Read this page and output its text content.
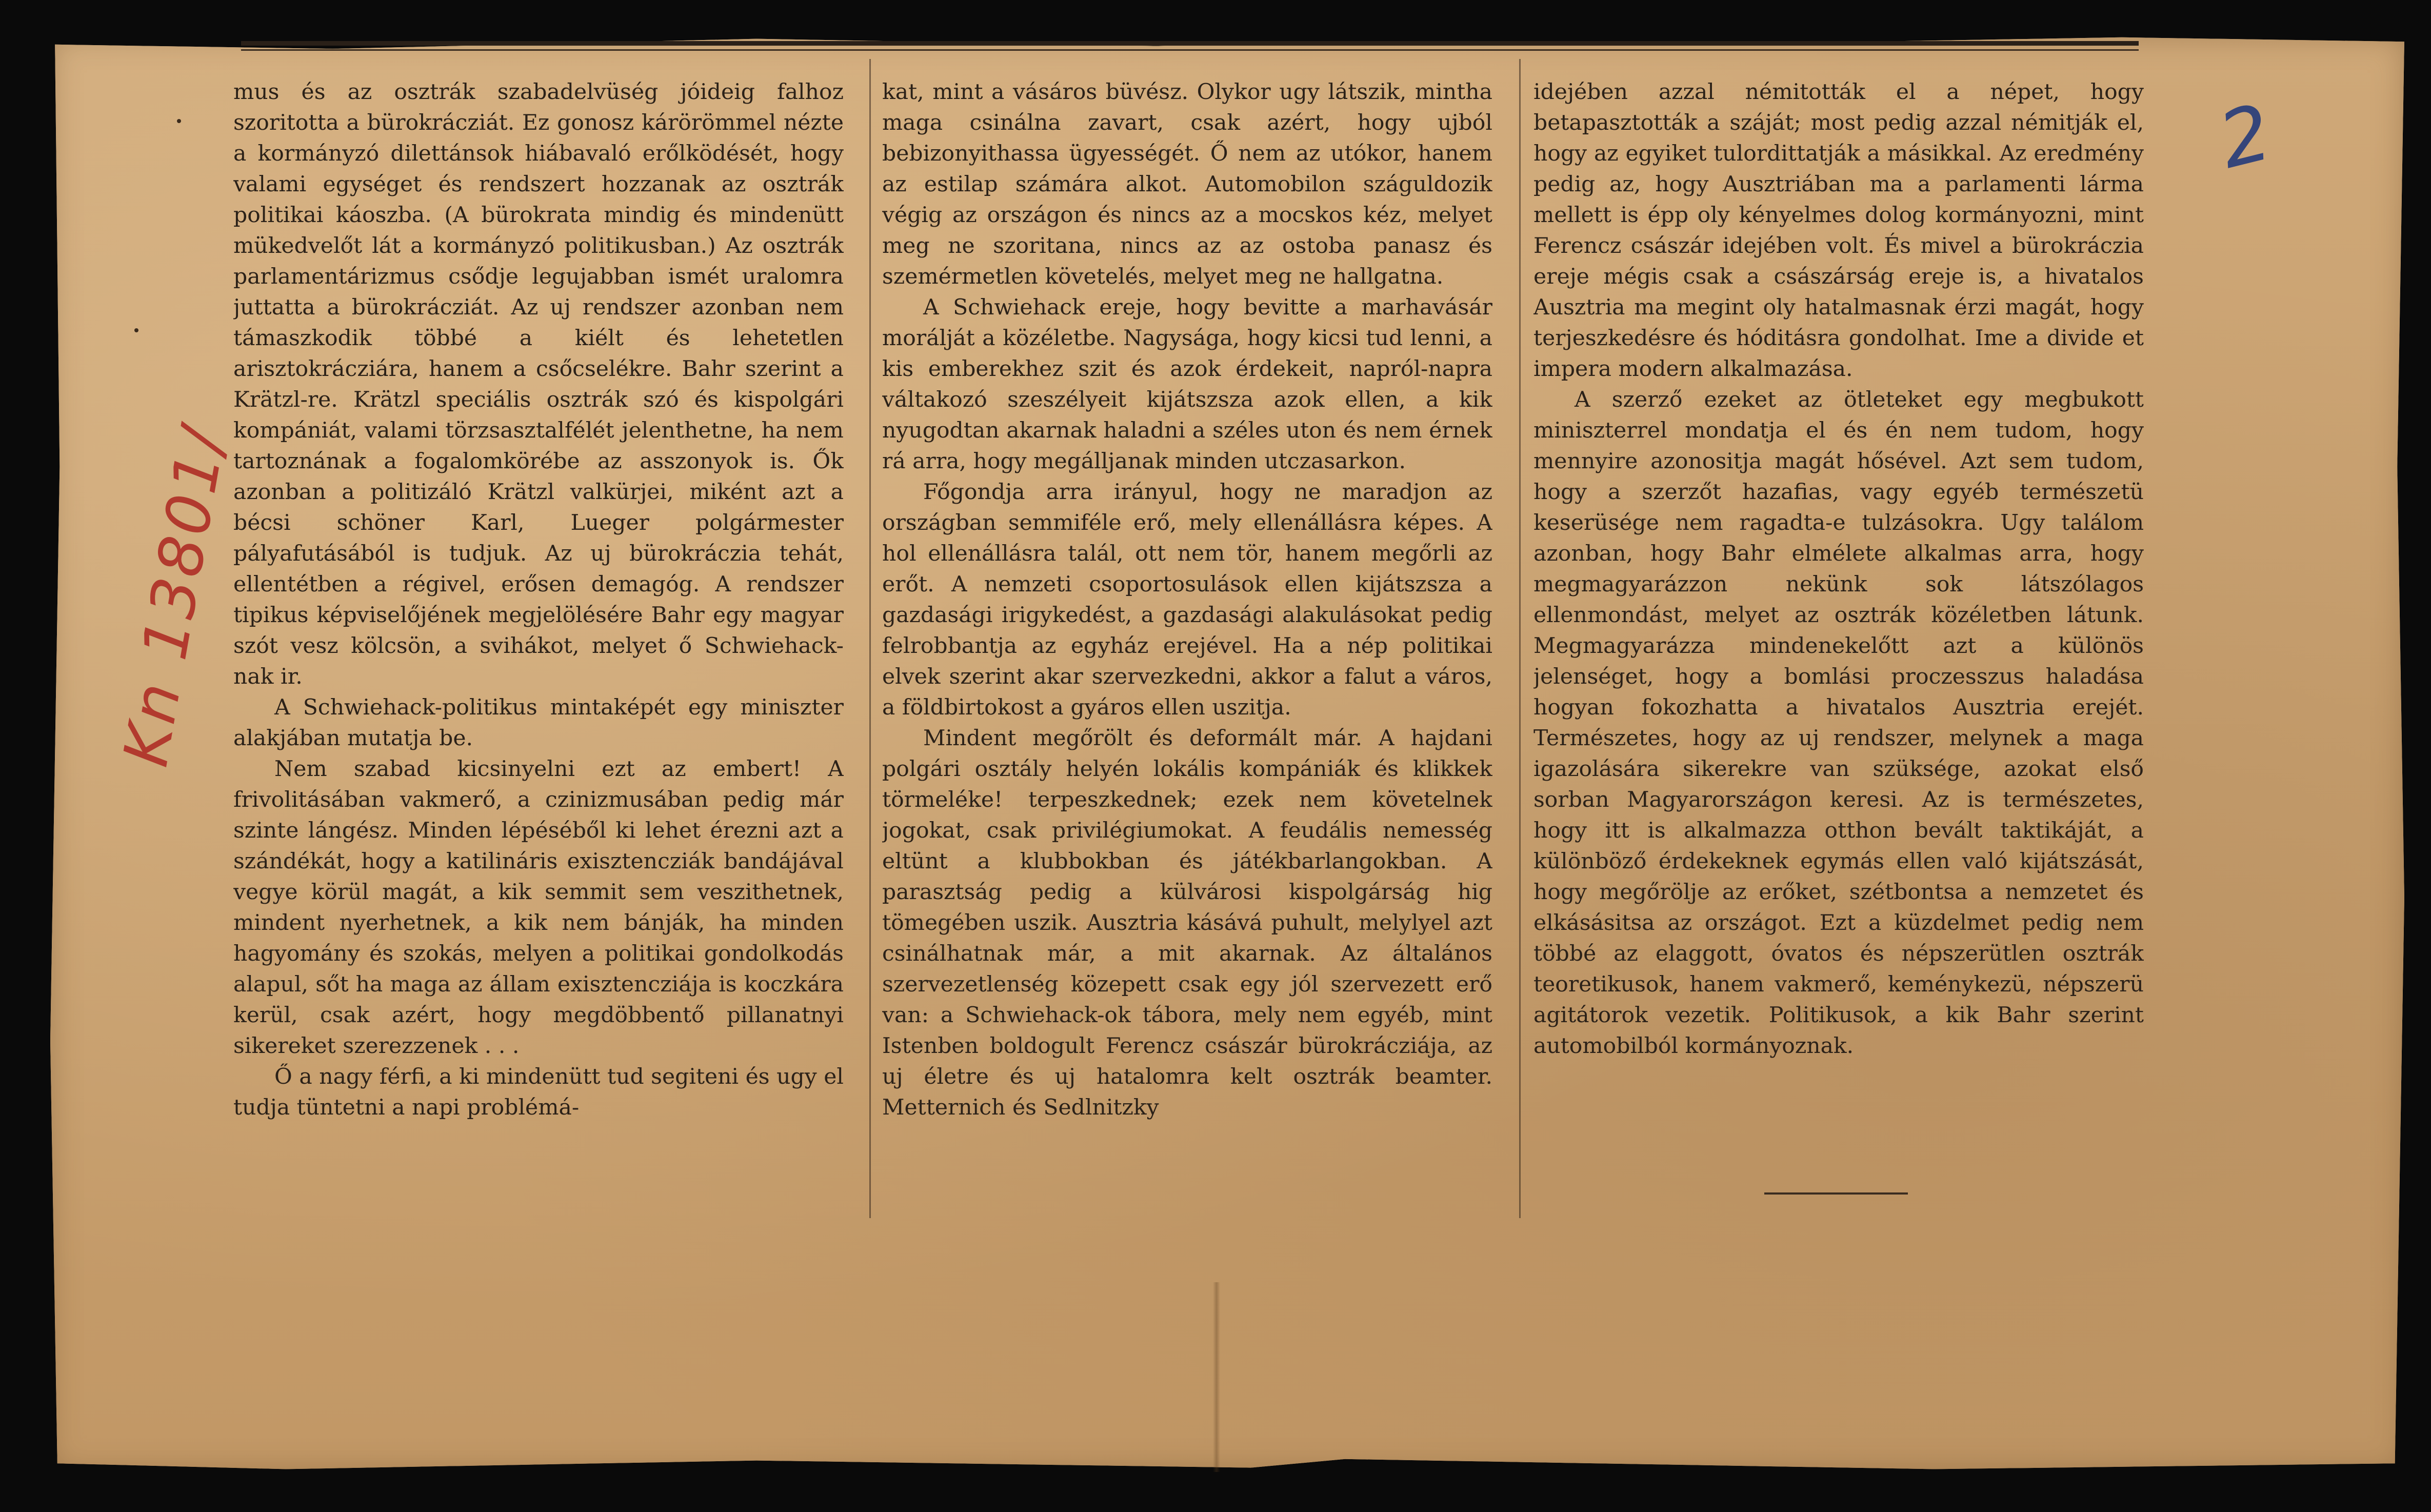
mus és az osztrák szabadelvüség jóideig falhoz szoritotta a bürokrácziát. Ez gonosz kárörömmel nézte a kormányzó dilettánsok hiábavaló erőlködését, hogy valami egységet és rendszert hozzanak az osztrák politikai káoszba. (A bürokrata mindig és mindenütt mükedvelőt lát a kormányzó politikusban.) Az osztrák parlamentárizmus csődje legujabban ismét uralomra juttatta a bürokrácziát. Az uj rendszer azonban nem támaszkodik többé a kiélt és lehetetlen arisztokrácziára, hanem a csőcselékre. Bahr szerint a Krätzl-re. Krätzl speciális osztrák szó és kispolgári kompániát, valami törzsasztalfélét jelenthetne, ha nem tartoznának a fogalomkörébe az asszonyok is. Ők azonban a politizáló Krätzl valkürjei, miként azt a bécsi schöner Karl, Lueger polgármester pályafutásából is tudjuk. Az uj bürokráczia tehát, ellentétben a régivel, erősen demagóg. A rendszer tipikus képviselőjének megjelölésére Bahr egy magyar szót vesz kölcsön, a svihákot, melyet ő Schwiehack-nak ir.

A Schwiehack-politikus mintaképét egy miniszter alakjában mutatja be.

Nem szabad kicsinyelni ezt az embert! A frivolitásában vakmerő, a czinizmusában pedig már szinte lángész. Minden lépéséből ki lehet érezni azt a szándékát, hogy a katilináris exisztencziák bandájával vegye körül magát, a kik semmit sem veszithetnek, mindent nyerhetnek, a kik nem bánják, ha minden hagyomány és szokás, melyen a politikai gondolkodás alapul, sőt ha maga az állam exisztencziája is koczkára kerül, csak azért, hogy megdöbbentő pillanatnyi sikereket szerezzenek . . .

Ő a nagy férfi, a ki mindenütt tud segiteni és ugy el tudja tüntetni a napi problémá-

kat, mint a vásáros büvész. Olykor ugy látszik, mintha maga csinálna zavart, csak azért, hogy ujból bebizonyithassa ügyességét. Ő nem az utókor, hanem az estilap számára alkot. Automobilon száguldozik végig az országon és nincs az a mocskos kéz, melyet meg ne szoritana, nincs az az ostoba panasz és szemérmetlen követelés, melyet meg ne hallgatna.

A Schwiehack ereje, hogy bevitte a marhavásár morálját a közéletbe. Nagysága, hogy kicsi tud lenni, a kis emberekhez szit és azok érdekeit, napról-napra váltakozó szeszélyeit kijátszsza azok ellen, a kik nyugodtan akarnak haladni a széles uton és nem érnek rá arra, hogy megálljanak minden utczasarkon.

Főgondja arra irányul, hogy ne maradjon az országban semmiféle erő, mely ellenállásra képes. A hol ellenállásra talál, ott nem tör, hanem megőrli az erőt. A nemzeti csoportosulások ellen kijátszsza a gazdasági irigykedést, a gazdasági alakulásokat pedig felrobbantja az egyház erejével. Ha a nép politikai elvek szerint akar szervezkedni, akkor a falut a város, a földbirtokost a gyáros ellen uszitja.

Mindent megőrölt és deformált már. A hajdani polgári osztály helyén lokális kompániák és klikkek törmeléke! terpeszkednek; ezek nem követelnek jogokat, csak privilégiumokat. A feudális nemesség eltünt a klubbokban és játékbarlangokban. A parasztság pedig a külvárosi kispolgárság hig tömegében uszik. Ausztria kásává puhult, melylyel azt csinálhatnak már, a mit akarnak. Az általános szervezetlenség közepett csak egy jól szervezett erő van: a Schwiehack-ok tábora, mely nem egyéb, mint Istenben boldogult Ferencz császár bürokrácziája, az uj életre és uj hatalomra kelt osztrák beamter. Metternich és Sedlnitzky

idejében azzal némitották el a népet, hogy betapasztották a száját; most pedig azzal némitják el, hogy az egyiket tulordittatják a másikkal. Az eredmény pedig az, hogy Ausztriában ma a parlamenti lárma mellett is épp oly kényelmes dolog kormányozni, mint Ferencz császár idejében volt. És mivel a bürokráczia ereje mégis csak a császárság ereje is, a hivatalos Ausztria ma megint oly hatalmasnak érzi magát, hogy terjeszkedésre és hóditásra gondolhat. Ime a divide et impera modern alkalmazása.

A szerző ezeket az ötleteket egy megbukott miniszterrel mondatja el és én nem tudom, hogy mennyire azonositja magát hősével. Azt sem tudom, hogy a szerzőt hazafias, vagy egyéb természetü keserüsége nem ragadta-e tulzásokra. Ugy találom azonban, hogy Bahr elmélete alkalmas arra, hogy megmagyarázzon nekünk sok látszólagos ellenmondást, melyet az osztrák közéletben látunk. Megmagyarázza mindenekelőtt azt a különös jelenséget, hogy a bomlási proczesszus haladása hogyan fokozhatta a hivatalos Ausztria erejét. Természetes, hogy az uj rendszer, melynek a maga igazolására sikerekre van szüksége, azokat első sorban Magyarországon keresi. Az is természetes, hogy itt is alkalmazza otthon bevált taktikáját, a különböző érdekeknek egymás ellen való kijátszását, hogy megőrölje az erőket, szétbontsa a nemzetet és elkásásitsa az országot. Ezt a küzdelmet pedig nem többé az elaggott, óvatos és népszerütlen osztrák teoretikusok, hanem vakmerő, keménykezü, népszerü agitátorok vezetik. Politikusok, a kik Bahr szerint automobilból kormányoznak.

2
Kn 13801/
